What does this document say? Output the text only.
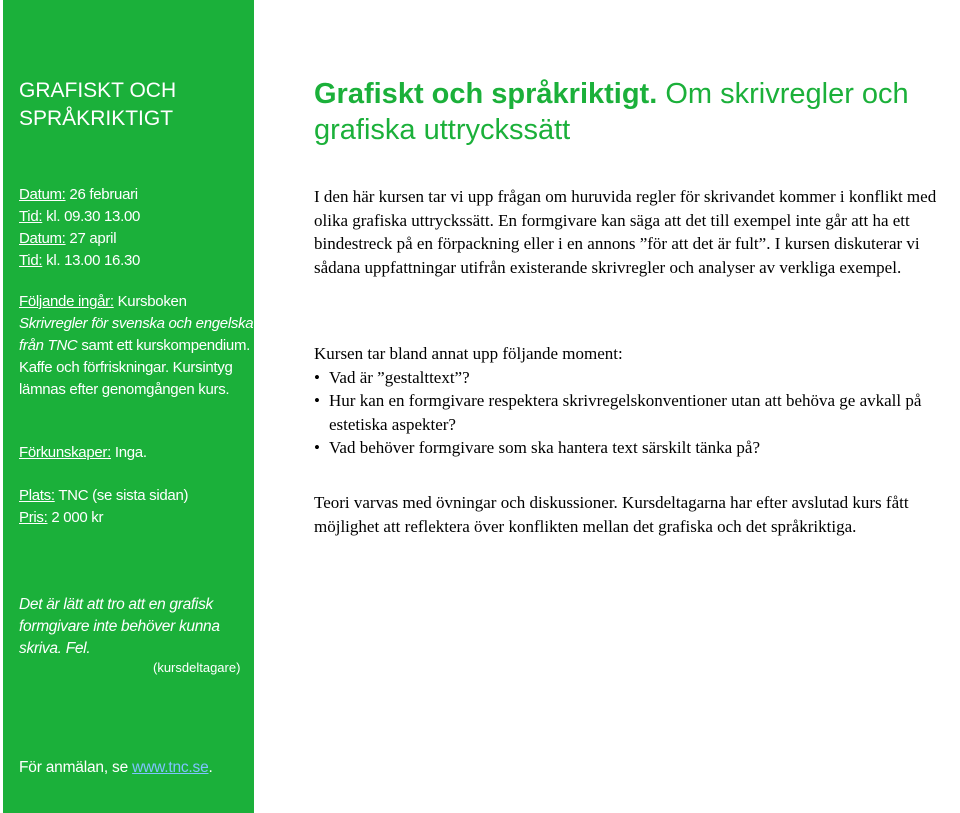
GRAFISKT OCH
SPRÅKRIKTIGT
Datum: 26 februari
Tid: kl. 09.30 13.00
Datum: 27 april
Tid: kl. 13.00 16.30
Följande ingår: Kursboken Skrivregler för svenska och engelska från TNC samt ett kurskompendium. Kaffe och förfriskningar. Kursintyg lämnas efter genomgången kurs.
Förkunskaper: Inga.
Plats: TNC (se sista sidan)
Pris: 2 000 kr
Det är lätt att tro att en grafisk formgivare inte behöver kunna skriva. Fel.
(kursdeltagare)
För anmälan, se www.tnc.se.
Grafiskt och språkriktigt. Om skrivregler och grafiska uttryckssätt

I den här kursen tar vi upp frågan om huruvida regler för skrivandet kommer i konflikt med olika grafiska uttryckssätt. En formgivare kan säga att det till exempel inte går att ha ett bindestreck på en förpackning eller i en annons ”för att det är fult”. I kursen diskuterar vi sådana uppfattningar utifrån existerande skrivregler och analyser av verkliga exempel.

Kursen tar bland annat upp följande moment:

• Vad är ”gestalttext”?
• Hur kan en formgivare respektera skrivregelskonventioner utan att behöva ge avkall på estetiska aspekter?
• Vad behöver formgivare som ska hantera text särskilt tänka på?

Teori varvas med övningar och diskussioner. Kursdeltagarna har efter avslutad kurs fått möjlighet att reflektera över konflikten mellan det grafiska och det språkriktiga.
